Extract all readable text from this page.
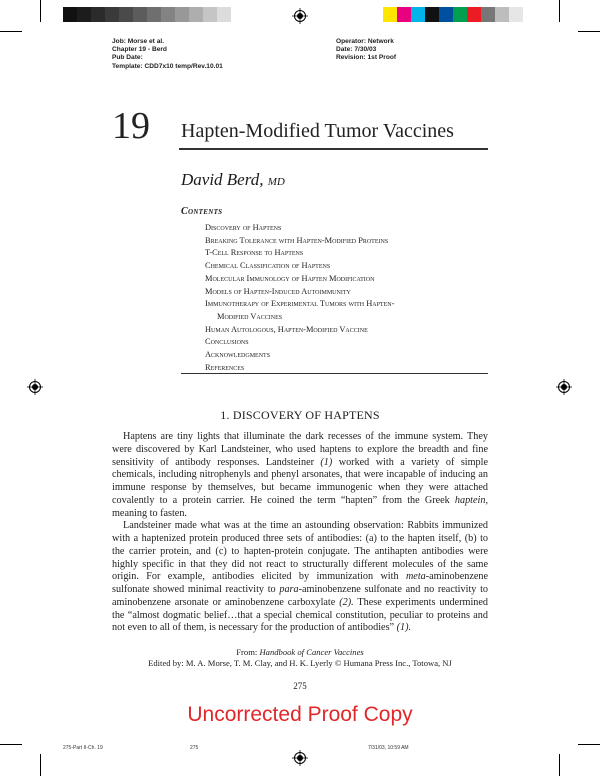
Job: Morse et al.
Chapter 19 - Berd
Pub Date:
Template: CDD7x10 temp/Rev.10.01
Operator: Network
Date: 7/30/03
Revision: 1st Proof
19 Hapten-Modified Tumor Vaccines
David Berd, MD
Contents
Discovery of Haptens
Breaking Tolerance with Hapten-Modified Proteins
T-Cell Response to Haptens
Chemical Classification of Haptens
Molecular Immunology of Hapten Modification
Models of Hapten-Induced Autoimmunity
Immunotherapy of Experimental Tumors with Hapten-
Modified Vaccines
Human Autologous, Hapten-Modified Vaccine
Conclusions
Acknowledgments
References
1. DISCOVERY OF HAPTENS

Haptens are tiny lights that illuminate the dark recesses of the immune system. They were discovered by Karl Landsteiner, who used haptens to explore the breadth and fine sensitivity of antibody responses. Landsteiner (1) worked with a variety of simple chemicals, including nitrophenyls and phenyl arsonates, that were incapable of inducing an immune response by themselves, but became immunogenic when they were attached covalently to a protein carrier. He coined the term “hapten” from the Greek haptein, meaning to fasten.

Landsteiner made what was at the time an astounding observation: Rabbits immunized with a haptenized protein produced three sets of antibodies: (a) to the hapten itself, (b) to the carrier protein, and (c) to hapten-protein conjugate. The antihapten antibodies were highly specific in that they did not react to structurally different molecules of the same origin. For example, antibodies elicited by immunization with meta-aminobenzene sulfonate showed minimal reactivity to para-aminobenzene sulfonate and no reactivity to aminobenzene arsonate or aminobenzene carboxylate (2). These experiments undermined the “almost dogmatic belief…that a special chemical constitution, peculiar to proteins and not even to all of them, is necessary for the production of antibodies” (1).

From: Handbook of Cancer Vaccines
Edited by: M. A. Morse, T. M. Clay, and H. K. Lyerly © Humana Press Inc., Totowa, NJ
275
Uncorrected Proof Copy
275-Part II-Ch. 19	275	7/31/03, 10:59 AM
